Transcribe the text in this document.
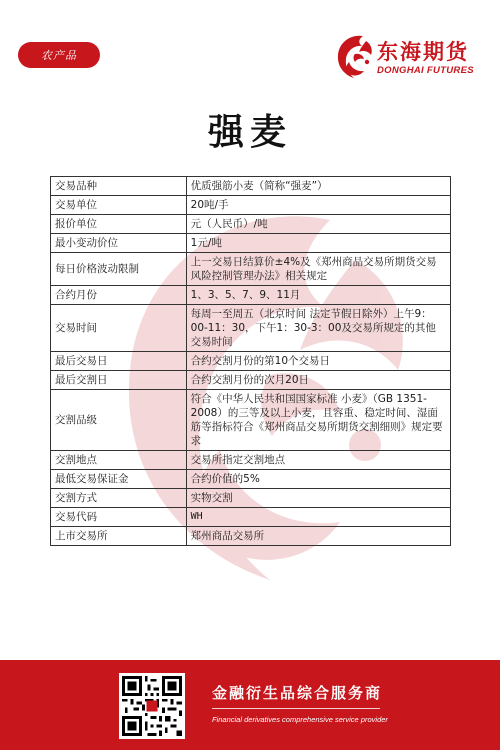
农产品	东海期货
DONGHAI FUTURES
强麦
交易品种	优质强筋小麦（简称“强麦”）
交易单位	20吨/手
报价单位	元（人民币）/吨
最小变动价位	1元/吨
每日价格波动限制	上一交易日结算价±4%及《郑州商品交易所期货交易风险控制管理办法》相关规定
合约月份	1、3、5、7、9、11月
交易时间	每周一至周五（北京时间 法定节假日除外）上午9：00-11：30，下午1：30-3：00及交易所规定的其他交易时间
最后交易日	合约交割月份的第10个交易日
最后交割日	合约交割月份的次月20日
交割品级	符合《中华人民共和国国家标准 小麦》（GB 1351-2008）的三等及以上小麦，且容重、稳定时间、湿面筋等指标符合《郑州商品交易所期货交割细则》规定要求
交割地点	交易所指定交割地点
最低交易保证金	合约价值的5%
交割方式	实物交割
交易代码	WH
上市交易所	郑州商品交易所
金融衍生品综合服务商
Financial derivatives comprehensive service provider
